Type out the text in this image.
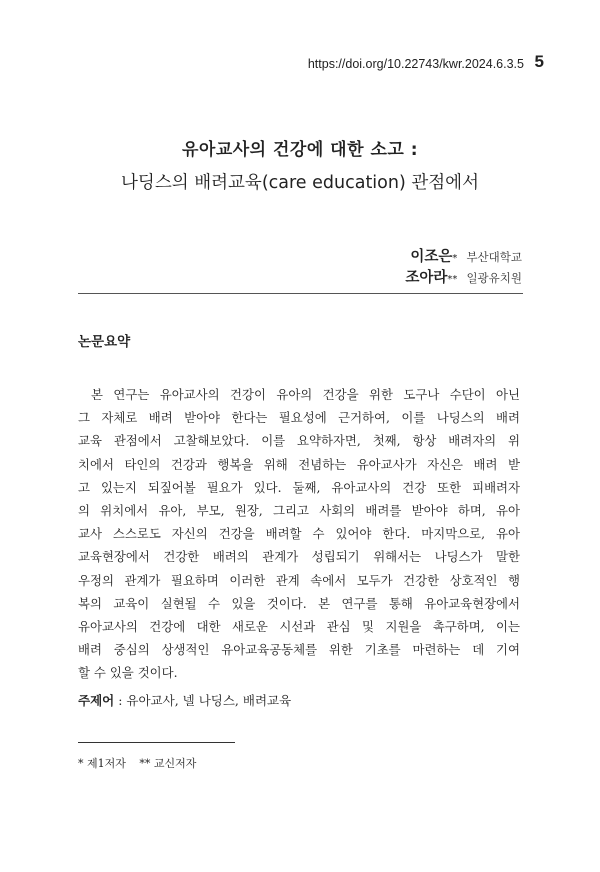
https://doi.org/10.22743/kwr.2024.6.3.5 5
유아교사의 건강에 대한 소고 :
나딩스의 배려교육(care education) 관점에서
이조은* 부산대학교
조아라** 일광유치원
논문요약
본 연구는 유아교사의 건강이 유아의 건강을 위한 도구나 수단이 아닌
그 자체로 배려 받아야 한다는 필요성에 근거하여, 이를 나딩스의 배려
교육 관점에서 고찰해보았다. 이를 요약하자면, 첫째, 항상 배려자의 위
치에서 타인의 건강과 행복을 위해 전념하는 유아교사가 자신은 배려 받
고 있는지 되짚어볼 필요가 있다. 둘째, 유아교사의 건강 또한 피배려자
의 위치에서 유아, 부모, 원장, 그리고 사회의 배려를 받아야 하며, 유아
교사 스스로도 자신의 건강을 배려할 수 있어야 한다. 마지막으로, 유아
교육현장에서 건강한 배려의 관계가 성립되기 위해서는 나딩스가 말한
우정의 관계가 필요하며 이러한 관계 속에서 모두가 건강한 상호적인 행
복의 교육이 실현될 수 있을 것이다. 본 연구를 통해 유아교육현장에서
유아교사의 건강에 대한 새로운 시선과 관심 및 지원을 촉구하며, 이는
배려 중심의 상생적인 유아교육공동체를 위한 기초를 마련하는 데 기여
할 수 있을 것이다.
주제어 : 유아교사, 넬 나딩스, 배려교육
* 제1저자 ** 교신저자
